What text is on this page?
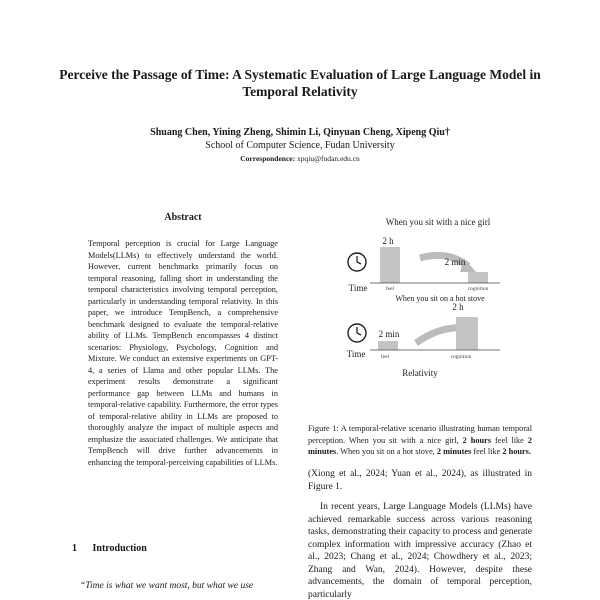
Perceive the Passage of Time: A Systematic Evaluation of Large Language Model in Temporal Relativity
Shuang Chen, Yining Zheng, Shimin Li, Qinyuan Cheng, Xipeng Qiu†
School of Computer Science, Fudan University
Correspondence: xpqiu@fudan.edu.cn
Abstract
Temporal perception is crucial for Large Language Models(LLMs) to effectively understand the world. However, current benchmarks primarily focus on temporal reasoning, falling short in understanding the temporal characteristics involving temporal perception, particularly in understanding temporal relativity. In this paper, we introduce TempBench, a comprehensive benchmark designed to evaluate the temporal-relative ability of LLMs. TempBench encompasses 4 distinct scenarios: Physiology, Psychology, Cognition and Mixture. We conduct an extensive experiments on GPT-4, a series of Llama and other popular LLMs. The experiment results demonstrate a significant performance gap between LLMs and humans in temporal-relative capability. Furthermore, the error types of temporal-relative ability in LLMs are proposed to thoroughly analyze the impact of multiple aspects and emphasize the associated challenges. We anticipate that TempBench will drive further advancements in enhancing the temporal-perceiving capabilities of LLMs.
1 Introduction
“Time is what we want most, but what we use
When you sit with a nice girl
2 h
2 min
feel	cognition
Time
When you sit on a hot stove
2 min
2 h
feel	cognition
Time
Relativity
Figure 1: A temporal-relative scenario illustrating human temporal perception. When you sit with a nice girl, 2 hours feel like 2 minutes. When you sit on a hot stove, 2 minutes feel like 2 hours.
(Xiong et al., 2024; Yuan et al., 2024), as illustrated in Figure 1.
In recent years, Large Language Models (LLMs) have achieved remarkable success across various reasoning tasks, demonstrating their capacity to process and generate complex information with impressive accuracy (Zhao et al., 2023; Chang et al., 2024; Chowdhery et al., 2023; Zhang and Wan, 2024). However, despite these advancements, the domain of temporal perception, particularly
